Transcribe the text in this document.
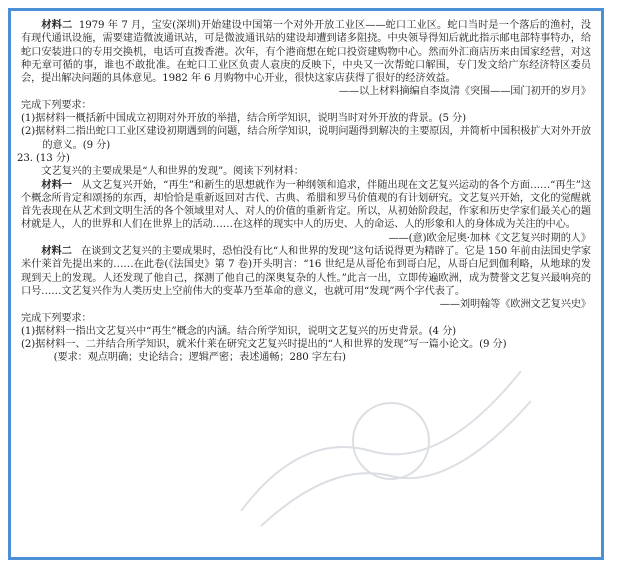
材料二 1979 年 7 月，宝安(深圳)开始建设中国第一个对外开放工业区——蛇口工业区。蛇口当时是一个落后的渔村，没有现代通讯设施，需要建造微波通讯站，可是微波通讯站的建设却遭到诸多阻挠。中央领导得知后就此指示邮电部特事特办，给蛇口安装进口的专用交换机，电话可直拨香港。次年，有个港商想在蛇口投资建购物中心。然而外汇商店历来由国家经营，对这种无章可循的事，谁也不敢批准。在蛇口工业区负责人袁庚的反映下，中央又一次帮蛇口解围，专门发文给广东经济特区委员会，提出解决问题的具体意见。1982 年 6 月购物中心开业，很快这家店获得了很好的经济效益。

——以上材料摘编自李岚清《突围——国门初开的岁月》

完成下列要求：

(1)据材料一概括新中国成立初期对外开放的举措，结合所学知识，说明当时对外开放的背景。(5 分)

(2)据材料二指出蛇口工业区建设初期遇到的问题，结合所学知识，说明问题得到解决的主要原因，并简析中国积极扩大对外开放的意义。(9 分)

23. (13 分)

文艺复兴的主要成果是“人和世界的发现”。阅读下列材料：

材料一 从文艺复兴开始，“再生”和新生的思想就作为一种纲领和追求，伴随出现在文艺复兴运动的各个方面……“再生”这个概念所肯定和颂扬的东西，却恰恰是重新返回对古代、古典、希腊和罗马价值观的有计划研究。文艺复兴开始，文化的觉醒就首先表现在从艺术到文明生活的各个领域里对人、对人的价值的重新肯定。所以，从初始阶段起，作家和历史学家们最关心的题材就是人，人的世界和人们在世界上的活动……在这样的现实中人的历史、人的命运、人的形象和人的身体成为关注的中心。

——(意)欧金尼奥·加林《文艺复兴时期的人》

材料二 在谈到文艺复兴的主要成果时，恐怕没有比“人和世界的发现”这句话说得更为精辟了。它是 150 年前由法国史学家米什莱首先提出来的……在此卷(《法国史》第 7 卷)开头明言：“16 世纪是从哥伦布到哥白尼，从哥白尼到伽利略，从地球的发现到天上的发现。人还发现了他自己，探测了他自己的深奥复杂的人性。”此言一出，立即传遍欧洲，成为赞誉文艺复兴最响亮的口号……文艺复兴作为人类历史上空前伟大的变革乃至革命的意义，也就可用“发现”两个字代表了。

——刘明翰等《欧洲文艺复兴史》

完成下列要求：

(1)据材料一指出文艺复兴中“再生”概念的内涵。结合所学知识，说明文艺复兴的历史背景。(4 分)

(2)据材料一、二并结合所学知识，就米什莱在研究文艺复兴时提出的“人和世界的发现”写一篇小论文。(9 分)

(要求：观点明确；史论结合；逻辑严密；表述通畅；280 字左右)
